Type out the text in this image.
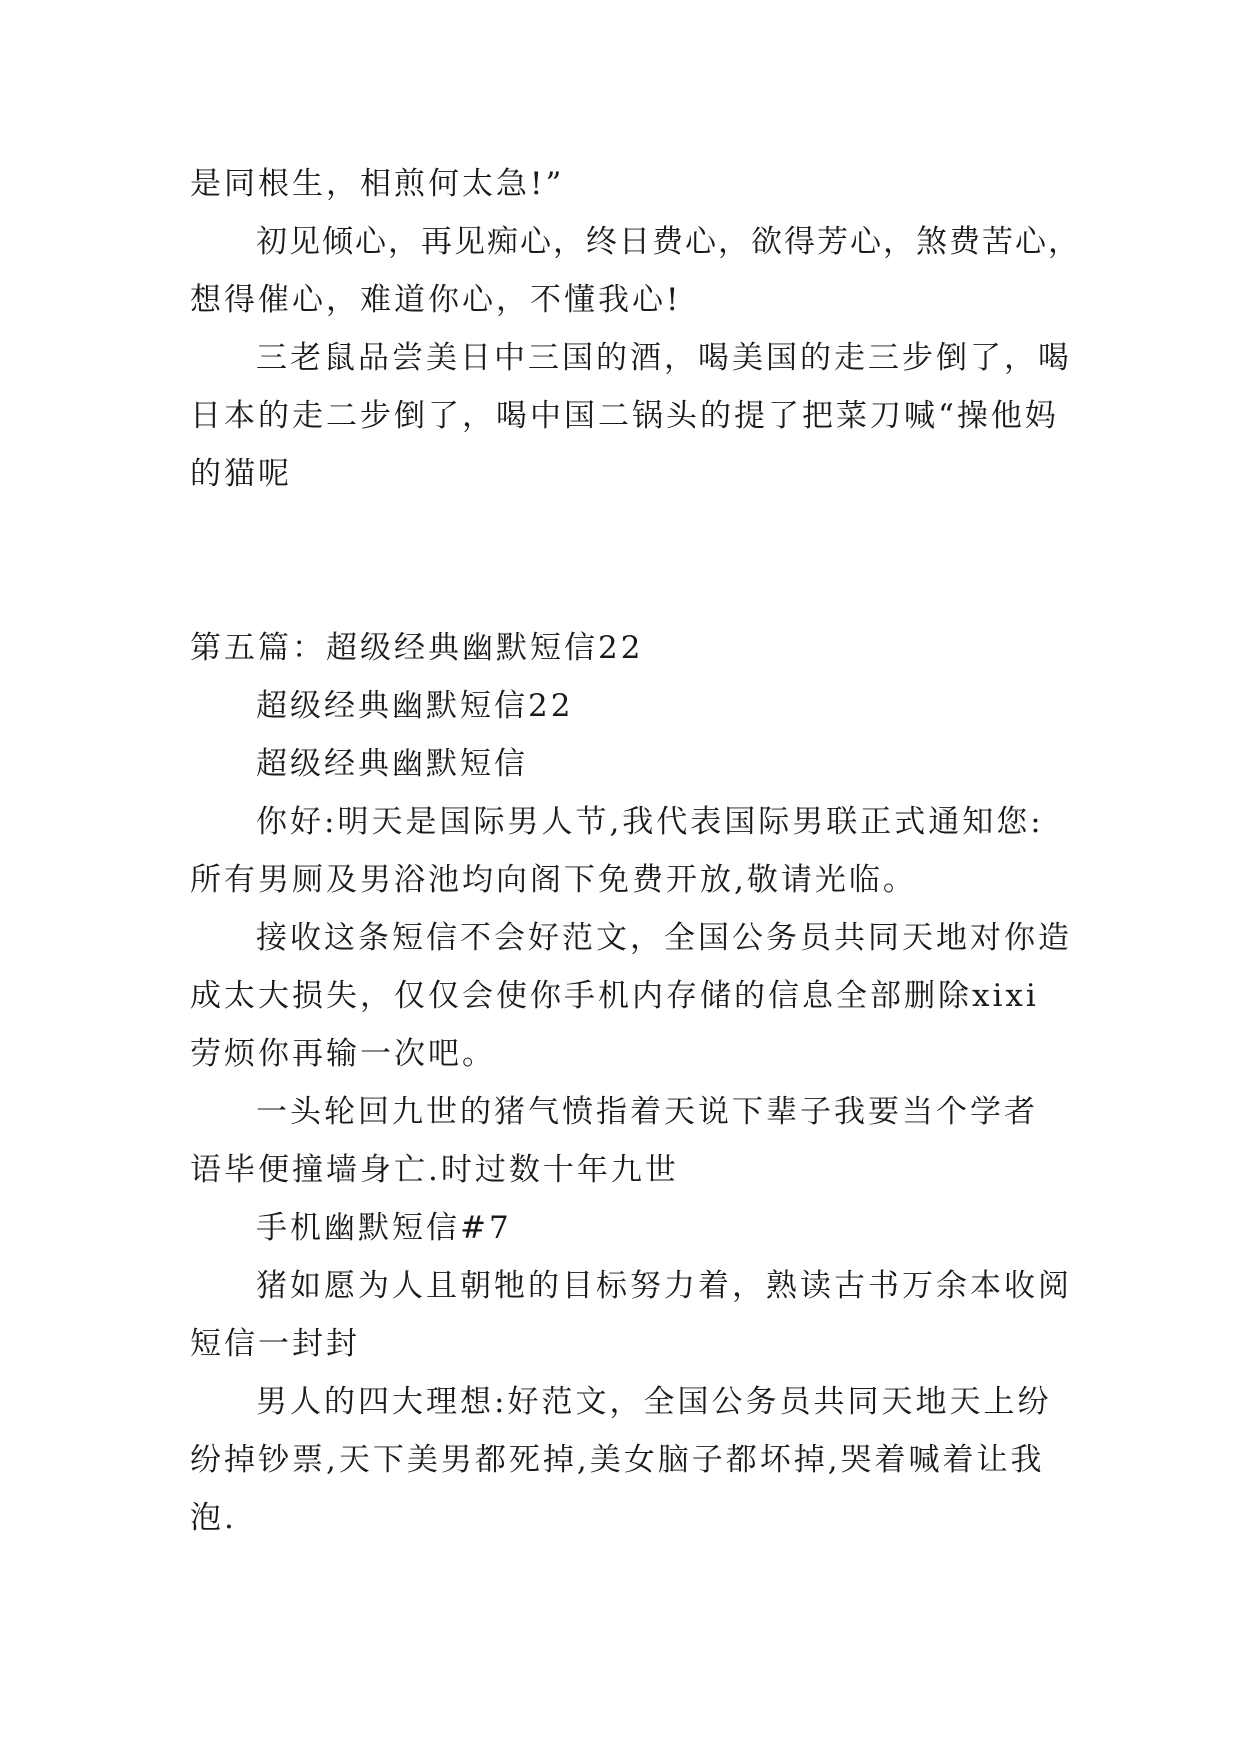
是同根生，相煎何太急!”
初见倾心，再见痴心，终日费心，欲得芳心，煞费苦心，
想得催心，难道你心，不懂我心!
三老鼠品尝美日中三国的酒，喝美国的走三步倒了，喝
日本的走二步倒了，喝中国二锅头的提了把菜刀喊“操他妈
的猫呢
第五篇：超级经典幽默短信22
超级经典幽默短信22
超级经典幽默短信
你好:明天是国际男人节,我代表国际男联正式通知您:
所有男厕及男浴池均向阁下免费开放,敬请光临。
接收这条短信不会好范文，全国公务员共同天地对你造
成太大损失，仅仅会使你手机内存储的信息全部删除xixi
劳烦你再输一次吧。
一头轮回九世的猪气愤指着天说下辈子我要当个学者
语毕便撞墙身亡.时过数十年九世
手机幽默短信#7
猪如愿为人且朝牠的目标努力着，熟读古书万余本收阅
短信一封封
男人的四大理想:好范文，全国公务员共同天地天上纷
纷掉钞票,天下美男都死掉,美女脑子都坏掉,哭着喊着让我
泡.
